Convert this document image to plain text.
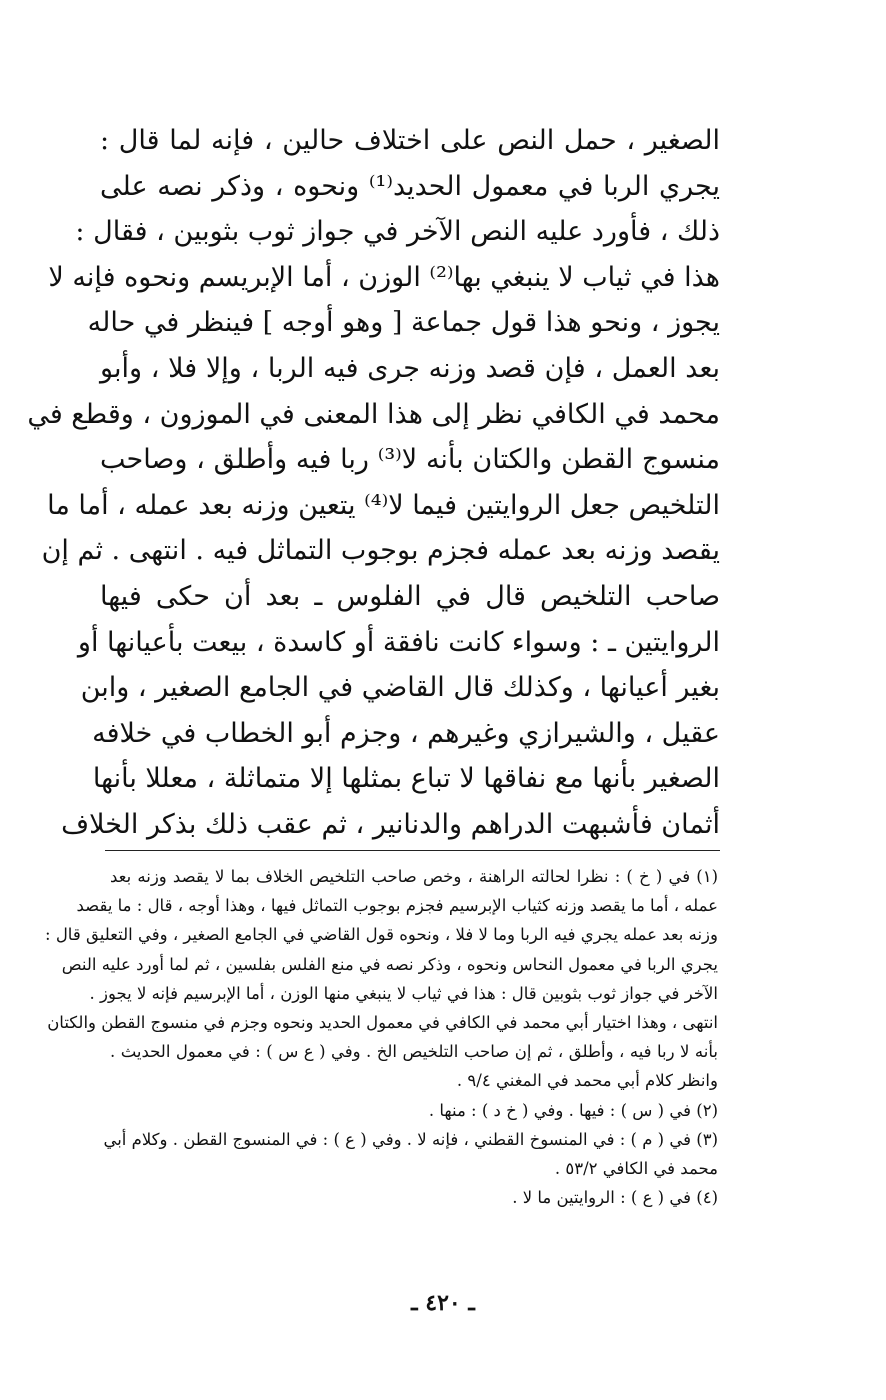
الصغير ، حمل النص على اختلاف حالين ، فإنه لما قال :
يجري الربا في معمول الحديد⁽¹⁾ ونحوه ، وذكر نصه على
ذلك ، فأورد عليه النص الآخر في جواز ثوب بثوبين ، فقال :
هذا في ثياب لا ينبغي بها⁽²⁾ الوزن ، أما الإبريسم ونحوه فإنه لا
يجوز ، ونحو هذا قول جماعة [ وهو أوجه ] فينظر في حاله
بعد العمل ، فإن قصد وزنه جرى فيه الربا ، وإلا فلا ، وأبو
محمد في الكافي نظر إلى هذا المعنى في الموزون ، وقطع في
منسوج القطن والكتان بأنه لا⁽³⁾ ربا فيه وأطلق ، وصاحب
التلخيص جعل الروايتين فيما لا⁽⁴⁾ يتعين وزنه بعد عمله ، أما ما
يقصد وزنه بعد عمله فجزم بوجوب التماثل فيه . انتهى . ثم إن
صاحب التلخيص قال في الفلوس ـ بعد أن حكى فيها
الروايتين ـ : وسواء كانت نافقة أو كاسدة ، بيعت بأعيانها أو
بغير أعيانها ، وكذلك قال القاضي في الجامع الصغير ، وابن
عقيل ، والشيرازي وغيرهم ، وجزم أبو الخطاب في خلافه
الصغير بأنها مع نفاقها لا تباع بمثلها إلا متماثلة ، معللا بأنها
أثمان فأشبهت الدراهم والدنانير ، ثم عقب ذلك بذكر الخلاف
(١) في ( خ ) : نظرا لحالته الراهنة ، وخص صاحب التلخيص الخلاف بما لا يقصد وزنه بعد
عمله ، أما ما يقصد وزنه كثياب الإبرسيم فجزم بوجوب التماثل فيها ، وهذا أوجه ، قال : ما يقصد
وزنه بعد عمله يجري فيه الربا وما لا فلا ، ونحوه قول القاضي في الجامع الصغير ، وفي التعليق قال :
يجري الربا في معمول النحاس ونحوه ، وذكر نصه في منع الفلس بفلسين ، ثم لما أورد عليه النص
الآخر في جواز ثوب بثوبين قال : هذا في ثياب لا ينبغي منها الوزن ، أما الإبرسيم فإنه لا يجوز .
انتهى ، وهذا اختيار أبي محمد في الكافي في معمول الحديد ونحوه وجزم في منسوج القطن والكتان
بأنه لا ربا فيه ، وأطلق ، ثم إن صاحب التلخيص الخ . وفي ( ع س ) : في معمول الحديث .
وانظر كلام أبي محمد في المغني ٩/٤ .
(٢) في ( س ) : فيها . وفي ( خ د ) : منها .
(٣) في ( م ) : في المنسوخ القطني ، فإنه لا . وفي ( ع ) : في المنسوج القطن . وكلام أبي
محمد في الكافي ٥٣/٢ .
(٤) في ( ع ) : الروايتين ما لا .
ـ ٤٢٠ ـ
